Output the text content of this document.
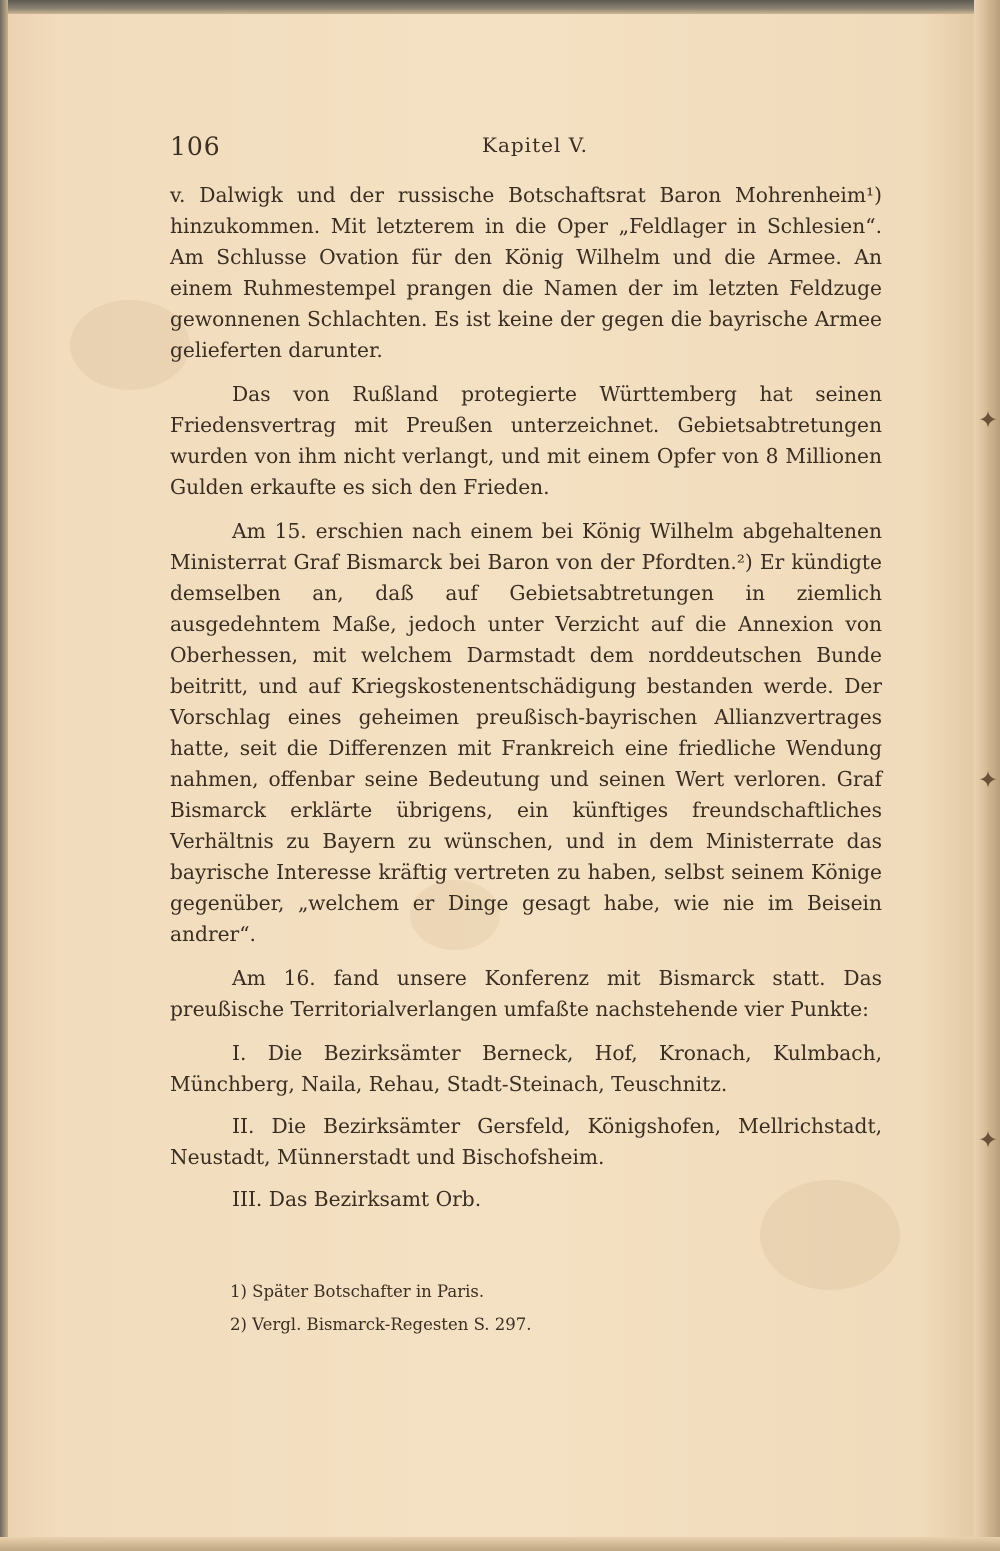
✦
✦
✦
106	Kapitel V.

v. Dalwigk und der russische Botschaftsrat Baron Mohrenheim¹) hinzukommen. Mit letzterem in die Oper „Feldlager in Schlesien“. Am Schlusse Ovation für den König Wilhelm und die Armee. An einem Ruhmestempel prangen die Namen der im letzten Feldzuge gewonnenen Schlachten. Es ist keine der gegen die bayrische Armee gelieferten darunter.

Das von Rußland protegierte Württemberg hat seinen Friedensvertrag mit Preußen unterzeichnet. Gebietsabtretungen wurden von ihm nicht verlangt, und mit einem Opfer von 8 Millionen Gulden erkaufte es sich den Frieden.

Am 15. erschien nach einem bei König Wilhelm abgehaltenen Ministerrat Graf Bismarck bei Baron von der Pfordten.²) Er kündigte demselben an, daß auf Gebietsabtretungen in ziemlich ausgedehntem Maße, jedoch unter Verzicht auf die Annexion von Oberhessen, mit welchem Darmstadt dem norddeutschen Bunde beitritt, und auf Kriegskostenentschädigung bestanden werde. Der Vorschlag eines geheimen preußisch-bayrischen Allianzvertrages hatte, seit die Differenzen mit Frankreich eine friedliche Wendung nahmen, offenbar seine Bedeutung und seinen Wert verloren. Graf Bismarck erklärte übrigens, ein künftiges freundschaftliches Verhältnis zu Bayern zu wünschen, und in dem Ministerrate das bayrische Interesse kräftig vertreten zu haben, selbst seinem Könige gegenüber, „welchem er Dinge gesagt habe, wie nie im Beisein andrer“.

Am 16. fand unsere Konferenz mit Bismarck statt. Das preußische Territorialverlangen umfaßte nachstehende vier Punkte:

I. Die Bezirksämter Berneck, Hof, Kronach, Kulmbach, Münchberg, Naila, Rehau, Stadt-Steinach, Teuschnitz.

II. Die Bezirksämter Gersfeld, Königshofen, Mellrichstadt, Neustadt, Münnerstadt und Bischofsheim.

III. Das Bezirksamt Orb.

1) Später Botschafter in Paris.
2) Vergl. Bismarck-Regesten S. 297.
